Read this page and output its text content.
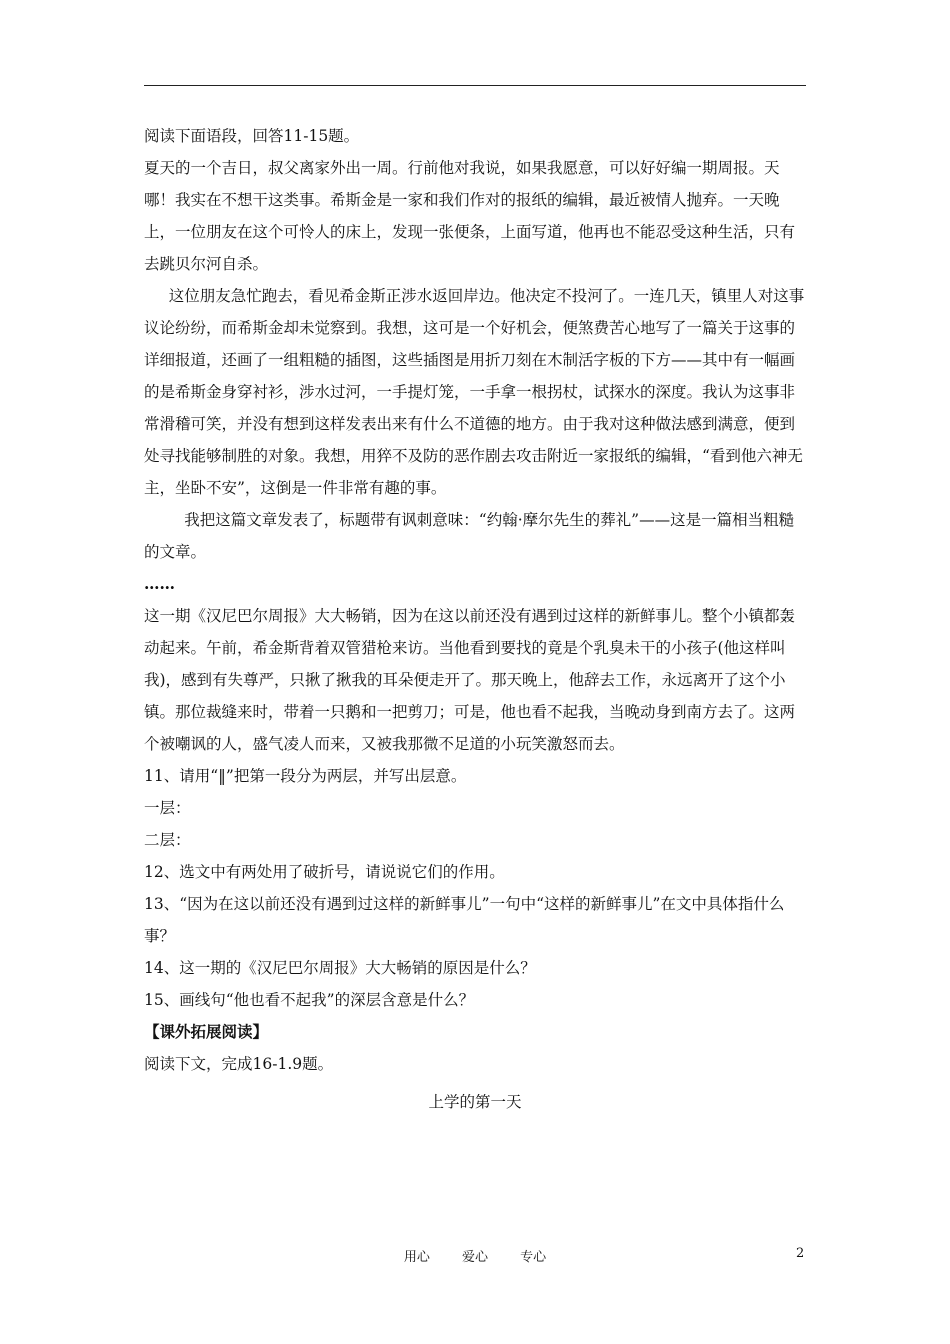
阅读下面语段，回答11-15题。

夏天的一个吉日，叔父离家外出一周。行前他对我说，如果我愿意，可以好好编一期周报。天哪！我实在不想干这类事。希斯金是一家和我们作对的报纸的编辑，最近被情人抛弃。一天晚上，一位朋友在这个可怜人的床上，发现一张便条，上面写道，他再也不能忍受这种生活，只有去跳贝尔河自杀。

这位朋友急忙跑去，看见希金斯正涉水返回岸边。他决定不投河了。一连几天，镇里人对这事议论纷纷，而希斯金却未觉察到。我想，这可是一个好机会，便煞费苦心地写了一篇关于这事的详细报道，还画了一组粗糙的插图，这些插图是用折刀刻在木制活字板的下方——其中有一幅画的是希斯金身穿衬衫，涉水过河，一手提灯笼，一手拿一根拐杖，试探水的深度。我认为这事非常滑稽可笑，并没有想到这样发表出来有什么不道德的地方。由于我对这种做法感到满意，便到处寻找能够制胜的对象。我想，用猝不及防的恶作剧去攻击附近一家报纸的编辑，“看到他六神无主，坐卧不安”，这倒是一件非常有趣的事。

我把这篇文章发表了，标题带有讽刺意味：“约翰·摩尔先生的葬礼”——这是一篇相当粗糙的文章。

……

这一期《汉尼巴尔周报》大大畅销，因为在这以前还没有遇到过这样的新鲜事儿。整个小镇都轰动起来。午前，希金斯背着双管猎枪来访。当他看到要找的竟是个乳臭未干的小孩子(他这样叫我)，感到有失尊严，只揪了揪我的耳朵便走开了。那天晚上，他辞去工作，永远离开了这个小镇。那位裁缝来时，带着一只鹅和一把剪刀；可是，他也看不起我，当晚动身到南方去了。这两个被嘲讽的人，盛气凌人而来，又被我那微不足道的小玩笑激怒而去。

11、请用“‖”把第一段分为两层，并写出层意。

一层：

二层：

12、选文中有两处用了破折号，请说说它们的作用。

13、“因为在这以前还没有遇到过这样的新鲜事儿”一句中“这样的新鲜事儿”在文中具体指什么事？

14、这一期的《汉尼巴尔周报》大大畅销的原因是什么？

15、画线句“他也看不起我”的深层含意是什么？

【课外拓展阅读】

阅读下文，完成16-1.9题。

上学的第一天

用心 爱心 专心	2
